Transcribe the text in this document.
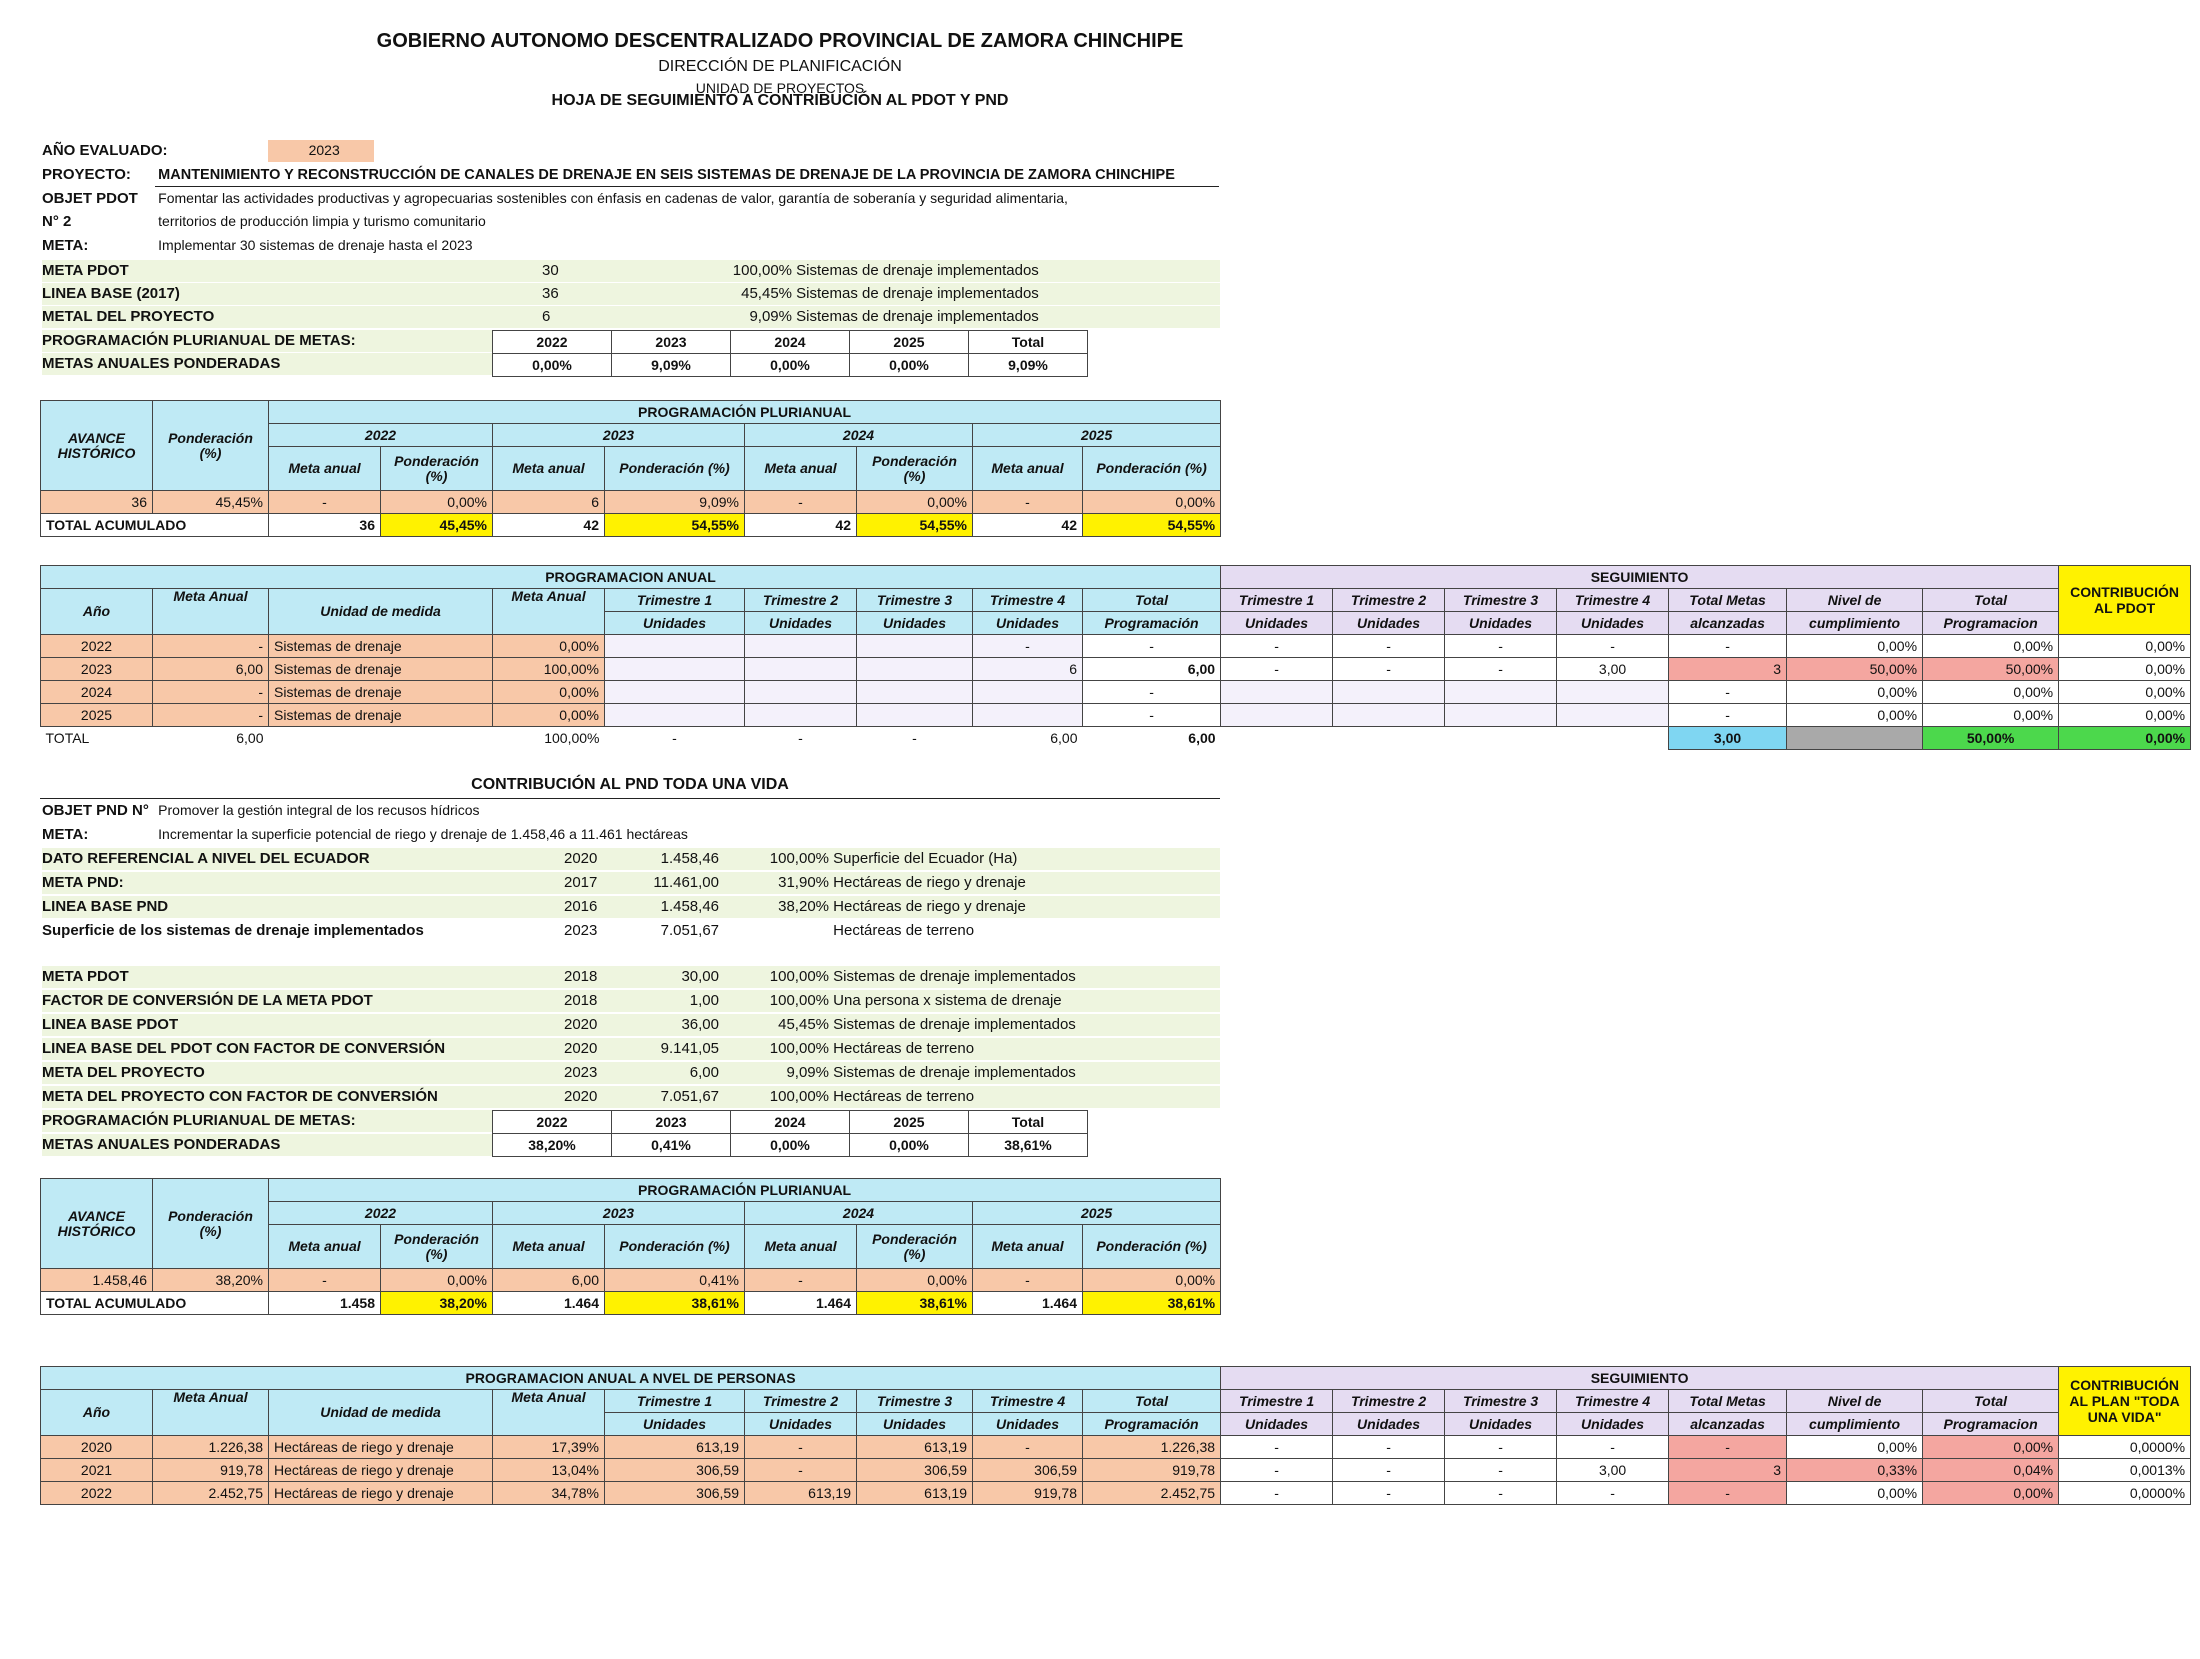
GOBIERNO AUTONOMO DESCENTRALIZADO PROVINCIAL DE ZAMORA CHINCHIPE
DIRECCIÓN DE PLANIFICACIÓN
UNIDAD DE PROYECTOS
HOJA DE SEGUIMIENTO A CONTRIBUCIÓN AL PDOT Y PND
AÑO EVALUADO:	2023
PROYECTO: MANTENIMIENTO Y RECONSTRUCCIÓN DE CANALES DE DRENAJE EN SEIS SISTEMAS DE DRENAJE DE LA PROVINCIA DE ZAMORA CHINCHIPE
OBJET PDOT Fomentar las actividades productivas y agropecuarias sostenibles con énfasis en cadenas de valor, garantía de soberanía y seguridad alimentaria,
N° 2	territorios de producción limpia y turismo comunitario
META:	Implementar 30 sistemas de drenaje hasta el 2023
META PDOT	30	100,00% Sistemas de drenaje implementados
LINEA BASE (2017)	36	45,45% Sistemas de drenaje implementados
METAL DEL PROYECTO	6	9,09% Sistemas de drenaje implementados
PROGRAMACIÓN PLURIANUAL DE METAS:
METAS ANUALES PONDERADAS
2022	2023	2024	2025	Total
0,00%	9,09%	0,00%	0,00%	9,09%
AVANCE HISTÓRICO	Ponderación (%)	PROGRAMACIÓN PLURIANUAL							
		2022		2023		2024		2025	
		Meta anual	Ponderación (%)	Meta anual	Ponderación (%)	Meta anual	Ponderación (%)	Meta anual	Ponderación (%)
36	45,45%	-	0,00%	6	9,09%	-	0,00%	-	0,00%
TOTAL ACUMULADO		36	45,45%	42	54,55%	42	54,55%	42	54,55%
PROGRAMACION ANUAL									SEGUIMIENTO							CONTRIBUCIÓN AL PDOT
Año	Meta Anual	Unidad de medida	Meta Anual	Trimestre 1	Trimestre 2	Trimestre 3	Trimestre 4	Total	Trimestre 1	Trimestre 2	Trimestre 3	Trimestre 4	Total Metas	Nivel de	Total	
				Unidades	Unidades	Unidades	Unidades	Programación	Unidades	Unidades	Unidades	Unidades	alcanzadas	cumplimiento	Programacion	
2022	-	Sistemas de drenaje	0,00%				-	-	-	-	-	-	-	0,00%	0,00%	0,00%
2023	6,00	Sistemas de drenaje	100,00%				6	6,00	-	-	-	3,00	3	50,00%	50,00%	0,00%
2024	-	Sistemas de drenaje	0,00%					-					-	0,00%	0,00%	0,00%
2025	-	Sistemas de drenaje	0,00%					-					-	0,00%	0,00%	0,00%
TOTAL	6,00		100,00%	-	-	-	6,00	6,00					3,00		50,00%	0,00%
CONTRIBUCIÓN AL PND TODA UNA VIDA
OBJET PND N° Promover la gestión integral de los recusos hídricos
META:	Incrementar la superficie potencial de riego y drenaje de 1.458,46 a 11.461 hectáreas
DATO REFERENCIAL A NIVEL DEL ECUADOR	2020	1.458,46	100,00% Superficie del Ecuador (Ha)
META PND:	2017	11.461,00	31,90% Hectáreas de riego y drenaje
LINEA BASE PND	2016	1.458,46	38,20% Hectáreas de riego y drenaje
Superficie de los sistemas de drenaje implementados	2023	7.051,67	Hectáreas de terreno
META PDOT	2018	30,00	100,00% Sistemas de drenaje implementados
FACTOR DE CONVERSIÓN DE LA META PDOT	2018	1,00	100,00% Una persona x sistema de drenaje
LINEA BASE PDOT	2020	36,00	45,45% Sistemas de drenaje implementados
LINEA BASE DEL PDOT CON FACTOR DE CONVERSIÓN	2020	9.141,05	100,00% Hectáreas de terreno
META DEL PROYECTO	2023	6,00	9,09% Sistemas de drenaje implementados
META DEL PROYECTO CON FACTOR DE CONVERSIÓN	2020	7.051,67	100,00% Hectáreas de terreno
PROGRAMACIÓN PLURIANUAL DE METAS:
METAS ANUALES PONDERADAS
2022	2023	2024	2025	Total
38,20%	0,41%	0,00%	0,00%	38,61%
AVANCE HISTÓRICO	Ponderación (%)	PROGRAMACIÓN PLURIANUAL							
		2022		2023		2024		2025	
		Meta anual	Ponderación (%)	Meta anual	Ponderación (%)	Meta anual	Ponderación (%)	Meta anual	Ponderación (%)
1.458,46	38,20%	-	0,00%	6,00	0,41%	-	0,00%	-	0,00%
TOTAL ACUMULADO		1.458	38,20%	1.464	38,61%	1.464	38,61%	1.464	38,61%
PROGRAMACION ANUAL A NVEL DE PERSONAS									SEGUIMIENTO							CONTRIBUCIÓN AL PLAN "TODA UNA VIDA"
Año	Meta Anual	Unidad de medida	Meta Anual	Trimestre 1	Trimestre 2	Trimestre 3	Trimestre 4	Total	Trimestre 1	Trimestre 2	Trimestre 3	Trimestre 4	Total Metas	Nivel de	Total	
				Unidades	Unidades	Unidades	Unidades	Programación	Unidades	Unidades	Unidades	Unidades	alcanzadas	cumplimiento	Programacion	
2020	1.226,38	Hectáreas de riego y drenaje	17,39%	613,19	-	613,19	-	1.226,38	-	-	-	-	-	0,00%	0,00%	0,0000%
2021	919,78	Hectáreas de riego y drenaje	13,04%	306,59	-	306,59	306,59	919,78	-	-	-	3,00	3	0,33%	0,04%	0,0013%
2022	2.452,75	Hectáreas de riego y drenaje	34,78%	306,59	613,19	613,19	919,78	2.452,75	-	-	-	-	-	0,00%	0,00%	0,0000%
